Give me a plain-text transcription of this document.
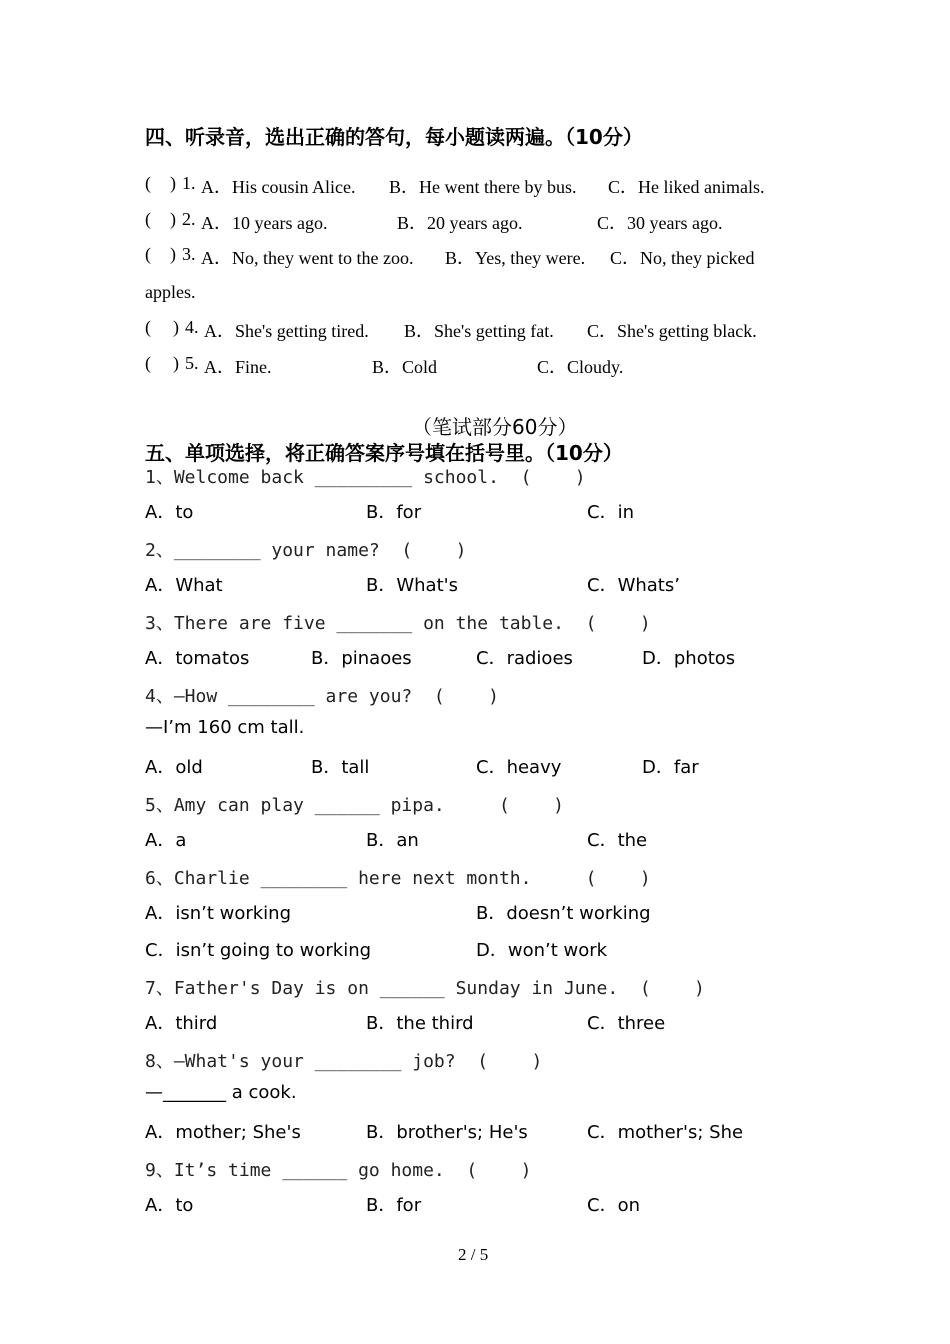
四、听录音，选出正确的答句，每小题读两遍。（10分）
( ) 1. A．His cousin Alice. B．He went there by bus. C．He liked animals.
( ) 2. A．10 years ago.	B．20 years ago.	C．30 years ago.
( ) 3. A．No, they went to the zoo. B．Yes, they were. C．No, they picked
apples.
( ) 4. A．She's getting tired. B．She's getting fat. C．She's getting black.
( ) 5. A．Fine.	B．Cold	C．Cloudy.
（笔试部分60分）
五、单项选择，将正确答案序号填在括号里。（10分）
1、Welcome back _________ school.  (    )
A．to	B．for	C．in
2、________ your name?  (    )
A．What	B．What's	C．Whats’
3、There are five _______ on the table.  (    )
A．tomatos	B．pinaoes	C．radioes	D．photos
4、—How ________ are you?  (    )
—I’m 160 cm tall.
A．old	B．tall	C．heavy	D．far
5、Amy can play ______ pipa.     (    )
A．a	B．an	C．the
6、Charlie ________ here next month.     (    )
A．isn’t working	B．doesn’t working
C．isn’t going to working	D．won’t work
7、Father's Day is on ______ Sunday in June.  (    )
A．third	B．the third	C．three
8、—What's your ________ job?  (    )
—_______ a cook.
A．mother; She's	B．brother's; He's	C．mother's; She
9、It’s time ______ go home.  (    )
A．to	B．for	C．on
2 / 5
